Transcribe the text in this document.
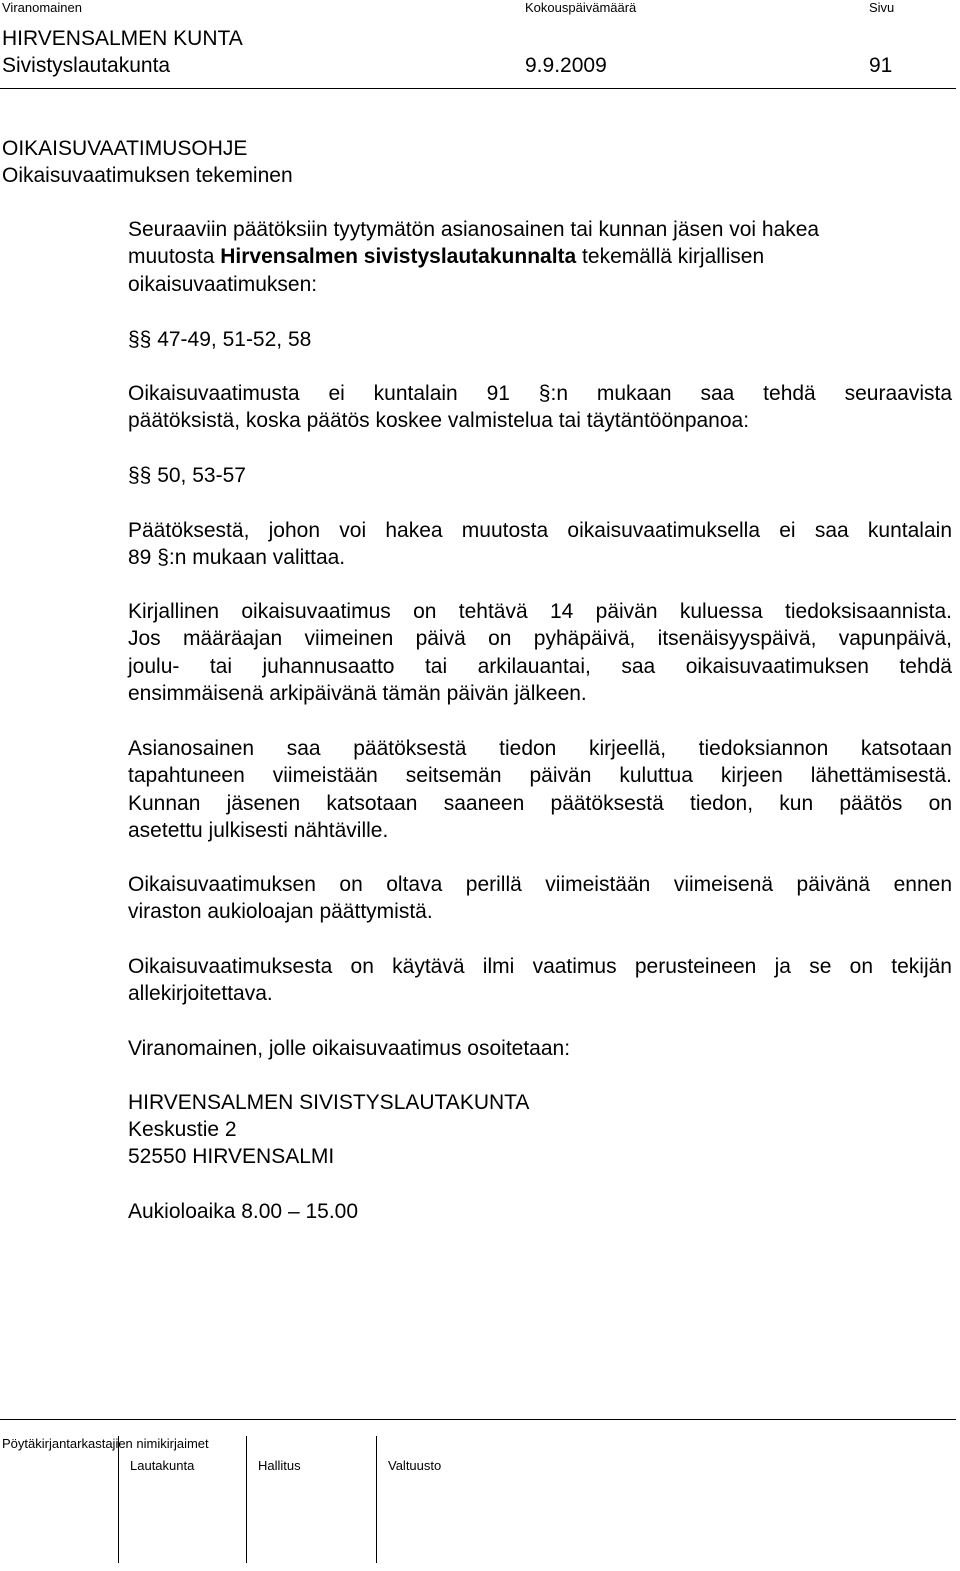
Viranomainen	Kokouspäivämäärä	Sivu
HIRVENSALMEN KUNTA
Sivistyslautakunta	9.9.2009	91
OIKAISUVAATIMUSOHJE
Oikaisuvaatimuksen tekeminen
Seuraaviin päätöksiin tyytymätön asianosainen tai kunnan jäsen voi hakea
muutosta Hirvensalmen sivistyslautakunnalta tekemällä kirjallisen
oikaisuvaatimuksen:
§§ 47-49, 51-52, 58
Oikaisuvaatimusta ei kuntalain 91 §:n mukaan saa tehdä seuraavista
päätöksistä, koska päätös koskee valmistelua tai täytäntöönpanoa:
§§ 50, 53-57
Päätöksestä, johon voi hakea muutosta oikaisuvaatimuksella ei saa kuntalain
89 §:n mukaan valittaa.
Kirjallinen oikaisuvaatimus on tehtävä 14 päivän kuluessa tiedoksisaannista.
Jos määräajan viimeinen päivä on pyhäpäivä, itsenäisyyspäivä, vapunpäivä,
joulu- tai juhannusaatto tai arkilauantai, saa oikaisuvaatimuksen tehdä
ensimmäisenä arkipäivänä tämän päivän jälkeen.
Asianosainen saa päätöksestä tiedon kirjeellä, tiedoksiannon katsotaan
tapahtuneen viimeistään seitsemän päivän kuluttua kirjeen lähettämisestä.
Kunnan jäsenen katsotaan saaneen päätöksestä tiedon, kun päätös on
asetettu julkisesti nähtäville.
Oikaisuvaatimuksen on oltava perillä viimeistään viimeisenä päivänä ennen
viraston aukioloajan päättymistä.
Oikaisuvaatimuksesta on käytävä ilmi vaatimus perusteineen ja se on tekijän
allekirjoitettava.
Viranomainen, jolle oikaisuvaatimus osoitetaan:
HIRVENSALMEN SIVISTYSLAUTAKUNTA
Keskustie 2
52550 HIRVENSALMI
Aukioloaika 8.00 – 15.00
Pöytäkirjantarkastajien nimikirjaimet
Lautakunta	Hallitus	Valtuusto
